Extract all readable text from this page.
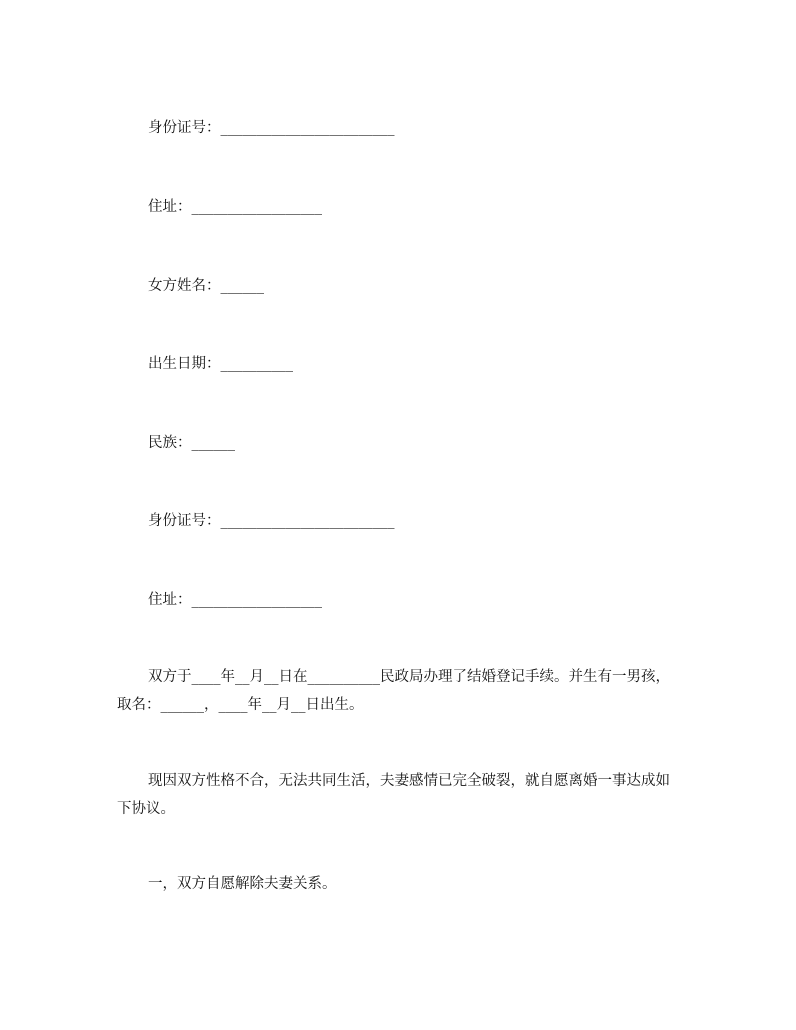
身份证号：________________________
住址：__________________
女方姓名：______
出生日期：__________
民族：______
身份证号：________________________
住址：__________________

双方于____年__月__日在__________民政局办理了结婚登记手续。并生有一男孩，取名：______，____年__月__日出生。

现因双方性格不合，无法共同生活，夫妻感情已完全破裂，就自愿离婚一事达成如下协议。

一，双方自愿解除夫妻关系。
